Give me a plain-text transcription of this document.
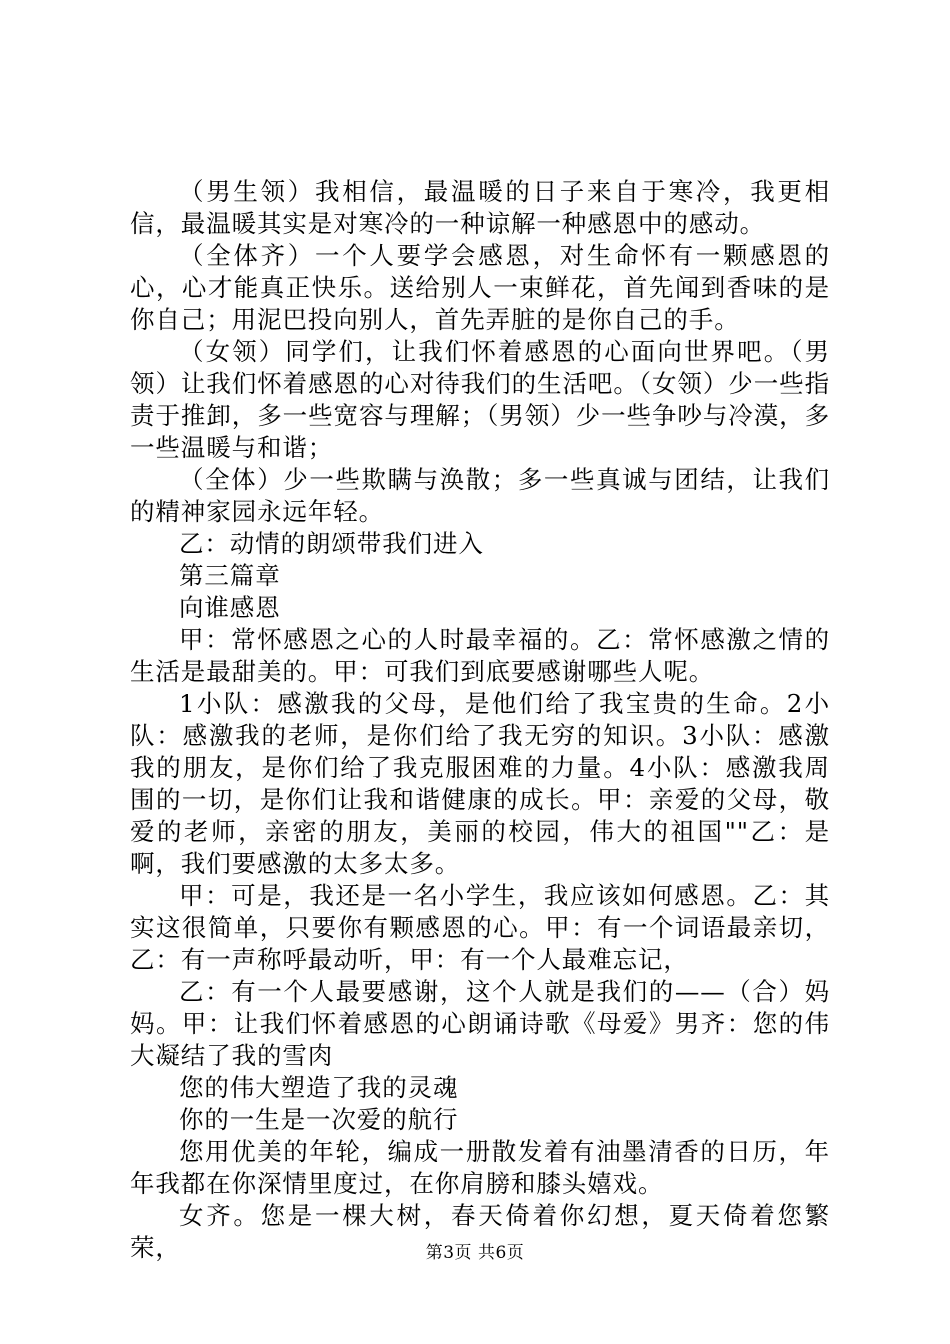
（男生领）我相信，最温暖的日子来自于寒冷，我更相信，最温暖其实是对寒冷的一种谅解一种感恩中的感动。

（全体齐）一个人要学会感恩，对生命怀有一颗感恩的心，心才能真正快乐。送给别人一束鲜花，首先闻到香味的是你自己；用泥巴投向别人，首先弄脏的是你自己的手。

（女领）同学们，让我们怀着感恩的心面向世界吧。（男领）让我们怀着感恩的心对待我们的生活吧。（女领）少一些指责于推卸，多一些宽容与理解；（男领）少一些争吵与冷漠，多一些温暖与和谐；

（全体）少一些欺瞒与涣散；多一些真诚与团结，让我们的精神家园永远年轻。

乙：动情的朗颂带我们进入

第三篇章

向谁感恩

甲：常怀感恩之心的人时最幸福的。乙：常怀感激之情的生活是最甜美的。甲：可我们到底要感谢哪些人呢。

1小队：感激我的父母，是他们给了我宝贵的生命。2小队：感激我的老师，是你们给了我无穷的知识。3小队：感激我的朋友，是你们给了我克服困难的力量。4小队：感激我周围的一切，是你们让我和谐健康的成长。甲：亲爱的父母，敬爱的老师，亲密的朋友，美丽的校园，伟大的祖国""乙：是啊，我们要感激的太多太多。

甲：可是，我还是一名小学生，我应该如何感恩。乙：其实这很简单，只要你有颗感恩的心。甲：有一个词语最亲切，乙：有一声称呼最动听，甲：有一个人最难忘记，

乙：有一个人最要感谢，这个人就是我们的——（合）妈妈。甲：让我们怀着感恩的心朗诵诗歌《母爱》男齐：您的伟大凝结了我的雪肉

您的伟大塑造了我的灵魂

你的一生是一次爱的航行

您用优美的年轮，编成一册散发着有油墨清香的日历，年年我都在你深情里度过，在你肩膀和膝头嬉戏。

女齐。您是一棵大树，春天倚着你幻想，夏天倚着您繁荣，	第3页 共6页
